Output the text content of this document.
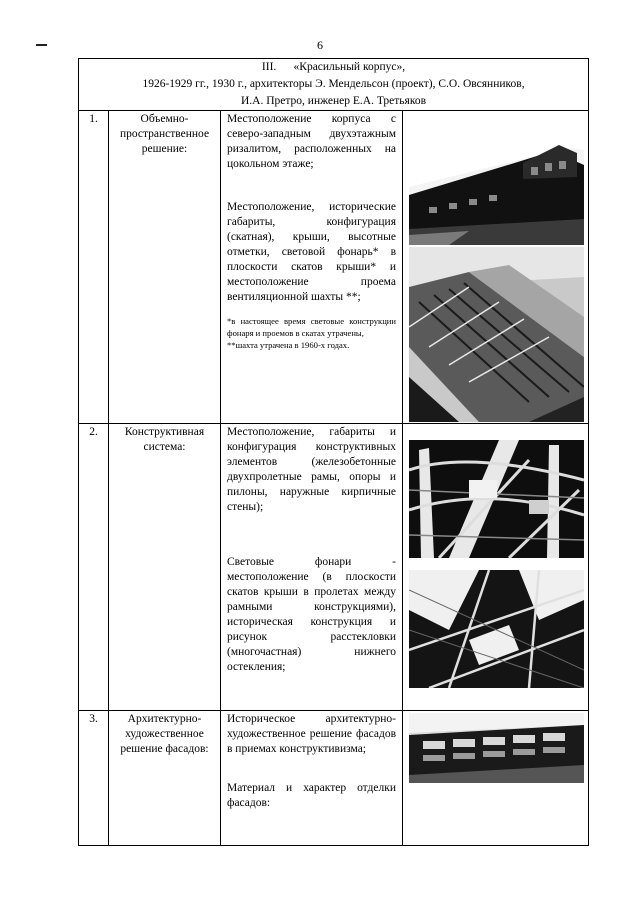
6
III.      «Красильный корпус»,
1926-1929 гг., 1930 г., архитекторы Э. Мендельсон (проект), С.О. Овсянников,
И.А. Претро, инженер Е.А. Третьяков			

1.	Объемно-пространственное решение:	Местоположение корпуса с северо-западным двухэтажным ризалитом, расположенных на цокольном этаже;
Местоположение, исторические габариты, конфигурация (скатная), крыши, высотные отметки, световой фонарь* в плоскости скатов крыши* и местоположение проема вентиляционной шахты **;
*в настоящее время световые конструкции фонаря и проемов в скатах утрачены,
**шахта утрачена в 1960-х годах.

2.	Конструктивная система:	Местоположение, габариты и конфигурация конструктивных элементов (железобетонные двухпролетные рамы, опоры и пилоны, наружные кирпичные стены);
Световые фонари - местоположение (в плоскости скатов крыши в пролетах между рамными конструкциями), историческая конструкция и рисунок расстекловки (многочастная) нижнего остекления;

3.	Архитектурно-художественное решение фасадов:	Историческое архитектурно-художественное решение фасадов в приемах конструктивизма;
Материал и характер отделки фасадов:
